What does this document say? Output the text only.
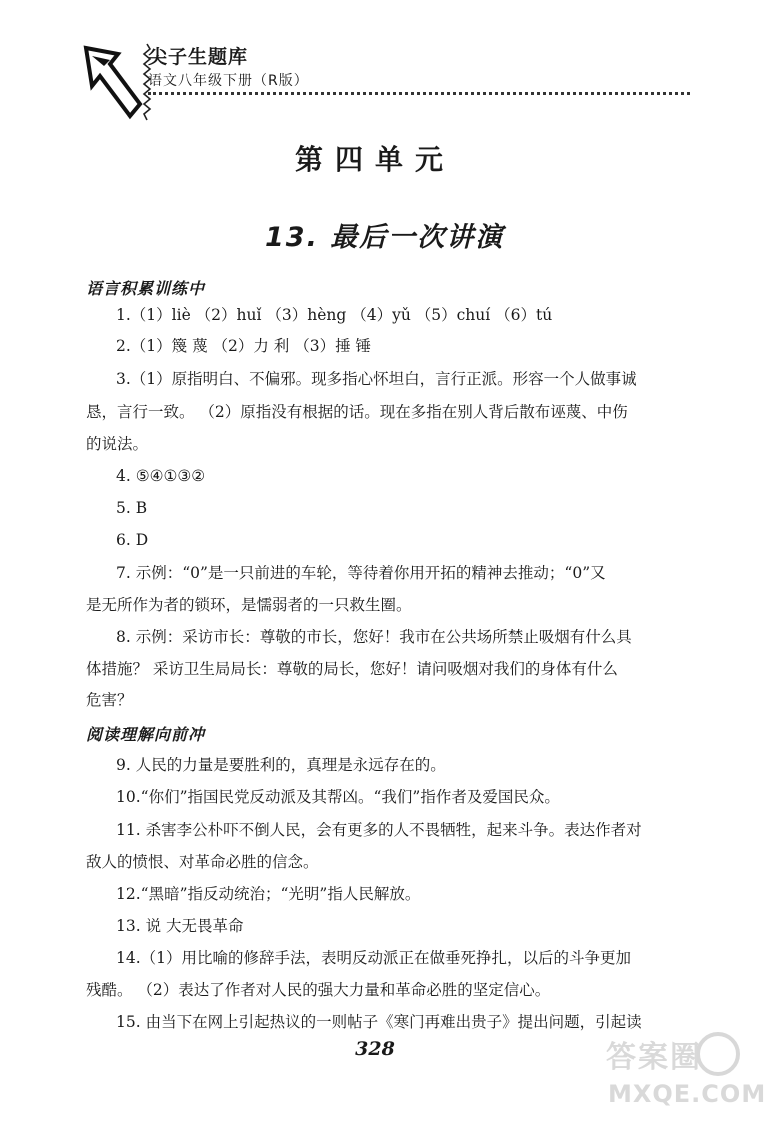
尖子生题库
语文八年级下册（R版）
第四单元
13. 最后一次讲演
语言积累训练中
1.（1）liè （2）huǐ （3）hèng （4）yǔ （5）chuí （6）tú
2.（1）篾 蔑 （2）力 利 （3）捶 锤
3.（1）原指明白、不偏邪。现多指心怀坦白，言行正派。形容一个人做事诚
恳，言行一致。 （2）原指没有根据的话。现在多指在别人背后散布诬蔑、中伤
的说法。
4. ⑤④①③②
5. B
6. D
7. 示例：“0”是一只前进的车轮，等待着你用开拓的精神去推动；“0”又
是无所作为者的锁环，是懦弱者的一只救生圈。
8. 示例：采访市长：尊敬的市长，您好！我市在公共场所禁止吸烟有什么具
体措施？ 采访卫生局局长：尊敬的局长，您好！请问吸烟对我们的身体有什么
危害？
阅读理解向前冲
9. 人民的力量是要胜利的，真理是永远存在的。
10.“你们”指国民党反动派及其帮凶。“我们”指作者及爱国民众。
11. 杀害李公朴吓不倒人民，会有更多的人不畏牺牲，起来斗争。表达作者对
敌人的愤恨、对革命必胜的信念。
12.“黑暗”指反动统治；“光明”指人民解放。
13. 说 大无畏革命
14.（1）用比喻的修辞手法，表明反动派正在做垂死挣扎，以后的斗争更加
残酷。 （2）表达了作者对人民的强大力量和革命必胜的坚定信心。
15. 由当下在网上引起热议的一则帖子《寒门再难出贵子》提出问题，引起读
328	答案圈
MXQE.COM
